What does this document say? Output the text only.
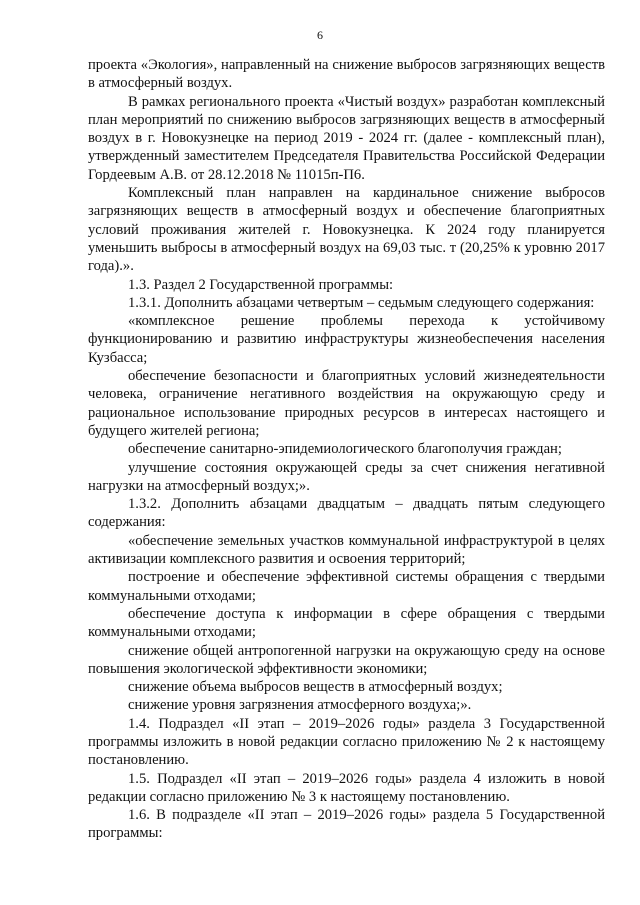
6

проекта «Экология», направленный на снижение выбросов загрязняющих веществ в атмосферный воздух.

В рамках регионального проекта «Чистый воздух» разработан комплексный план мероприятий по снижению выбросов загрязняющих веществ в атмосферный воздух в г. Новокузнецке на период 2019 - 2024 гг. (далее - комплексный план), утвержденный заместителем Председателя Правительства Российской Федерации Гордеевым А.В. от 28.12.2018 № 11015п-П6.

Комплексный план направлен на кардинальное снижение выбросов загрязняющих веществ в атмосферный воздух и обеспечение благоприятных условий проживания жителей г. Новокузнецка. К 2024 году планируется уменьшить выбросы в атмосферный воздух на 69,03 тыс. т (20,25% к уровню 2017 года).».

1.3. Раздел 2 Государственной программы:

1.3.1. Дополнить абзацами четвертым – седьмым следующего содержания:

«комплексное решение проблемы перехода к устойчивому функционированию и развитию инфраструктуры жизнеобеспечения населения Кузбасса;

обеспечение безопасности и благоприятных условий жизнедеятельности человека, ограничение негативного воздействия на окружающую среду и рациональное использование природных ресурсов в интересах настоящего и будущего жителей региона;

обеспечение санитарно-эпидемиологического благополучия граждан;

улучшение состояния окружающей среды за счет снижения негативной нагрузки на атмосферный воздух;».

1.3.2. Дополнить абзацами двадцатым – двадцать пятым следующего содержания:

«обеспечение земельных участков коммунальной инфраструктурой в целях активизации комплексного развития и освоения территорий;

построение и обеспечение эффективной системы обращения с твердыми коммунальными отходами;

обеспечение доступа к информации в сфере обращения с твердыми коммунальными отходами;

снижение общей антропогенной нагрузки на окружающую среду на основе повышения экологической эффективности экономики;

снижение объема выбросов веществ в атмосферный воздух;

снижение уровня загрязнения атмосферного воздуха;».

1.4. Подраздел «II этап – 2019–2026 годы» раздела 3 Государственной программы изложить в новой редакции согласно приложению № 2 к настоящему постановлению.

1.5. Подраздел «II этап – 2019–2026 годы» раздела 4 изложить в новой редакции согласно приложению № 3 к настоящему постановлению.

1.6. В подразделе «II этап – 2019–2026 годы» раздела 5 Государственной программы:
